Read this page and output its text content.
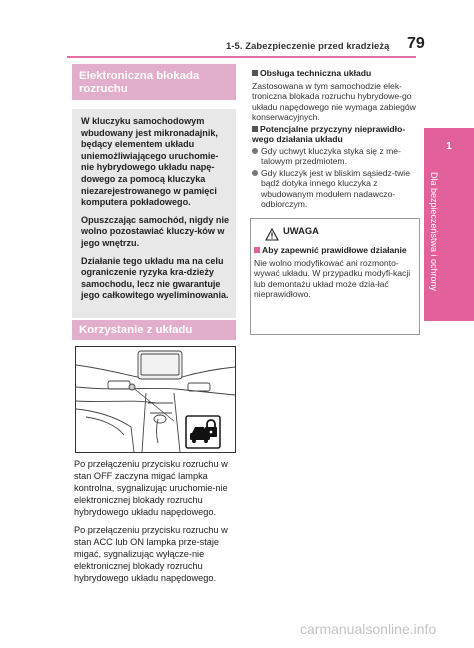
1-5. Zabezpieczenie przed kradzieżą 79
1
Dla bezpieczeństwa i ochrony
Elektroniczna blokada rozruchu

W kluczyku samochodowym wbudowany jest mikronadajnik, będący elementem układu uniemożliwiającego uruchomie-nie hybrydowego układu napę-dowego za pomocą kluczyka niezarejestrowanego w pamięci komputera pokładowego.

Opuszczając samochód, nigdy nie wolno pozostawiać kluczy-ków w jego wnętrzu.

Działanie tego układu ma na celu ograniczenie ryzyka kra-dzieży samochodu, lecz nie gwarantuje jego całkowitego wyeliminowania.

Korzystanie z układu

Po przełączeniu przycisku rozruchu w stan OFF zaczyna migać lampka kontrolna, sygnalizując uruchomie-nie elektronicznej blokady rozruchu hybrydowego układu napędowego.

Po przełączeniu przycisku rozruchu w stan ACC lub ON lampka prze-staje migać, sygnalizując wyłącze-nie elektronicznej blokady rozruchu hybrydowego układu napędowego.

Obsługa techniczna układu
Zastosowana w tym samochodzie elek-troniczna blokada rozruchu hybrydowe-go układu napędowego nie wymaga zabiegów konserwacyjnych.
Potencjalne przyczyny nieprawidło-wego działania układu
Gdy uchwyt kluczyka styka się z me-talowym przedmiotem.
Gdy kluczyk jest w bliskim sąsiedz-twie bądź dotyka innego kluczyka z wbudowanym modułem nadawczo-odbiorczym.
UWAGA
Aby zapewnić prawidłowe działanie
Nie wolno modyfikować ani rozmonto-wywać układu. W przypadku modyfi-kacji lub demontażu układ może dzia-łać nieprawidłowo.
carmanualsonline.info
